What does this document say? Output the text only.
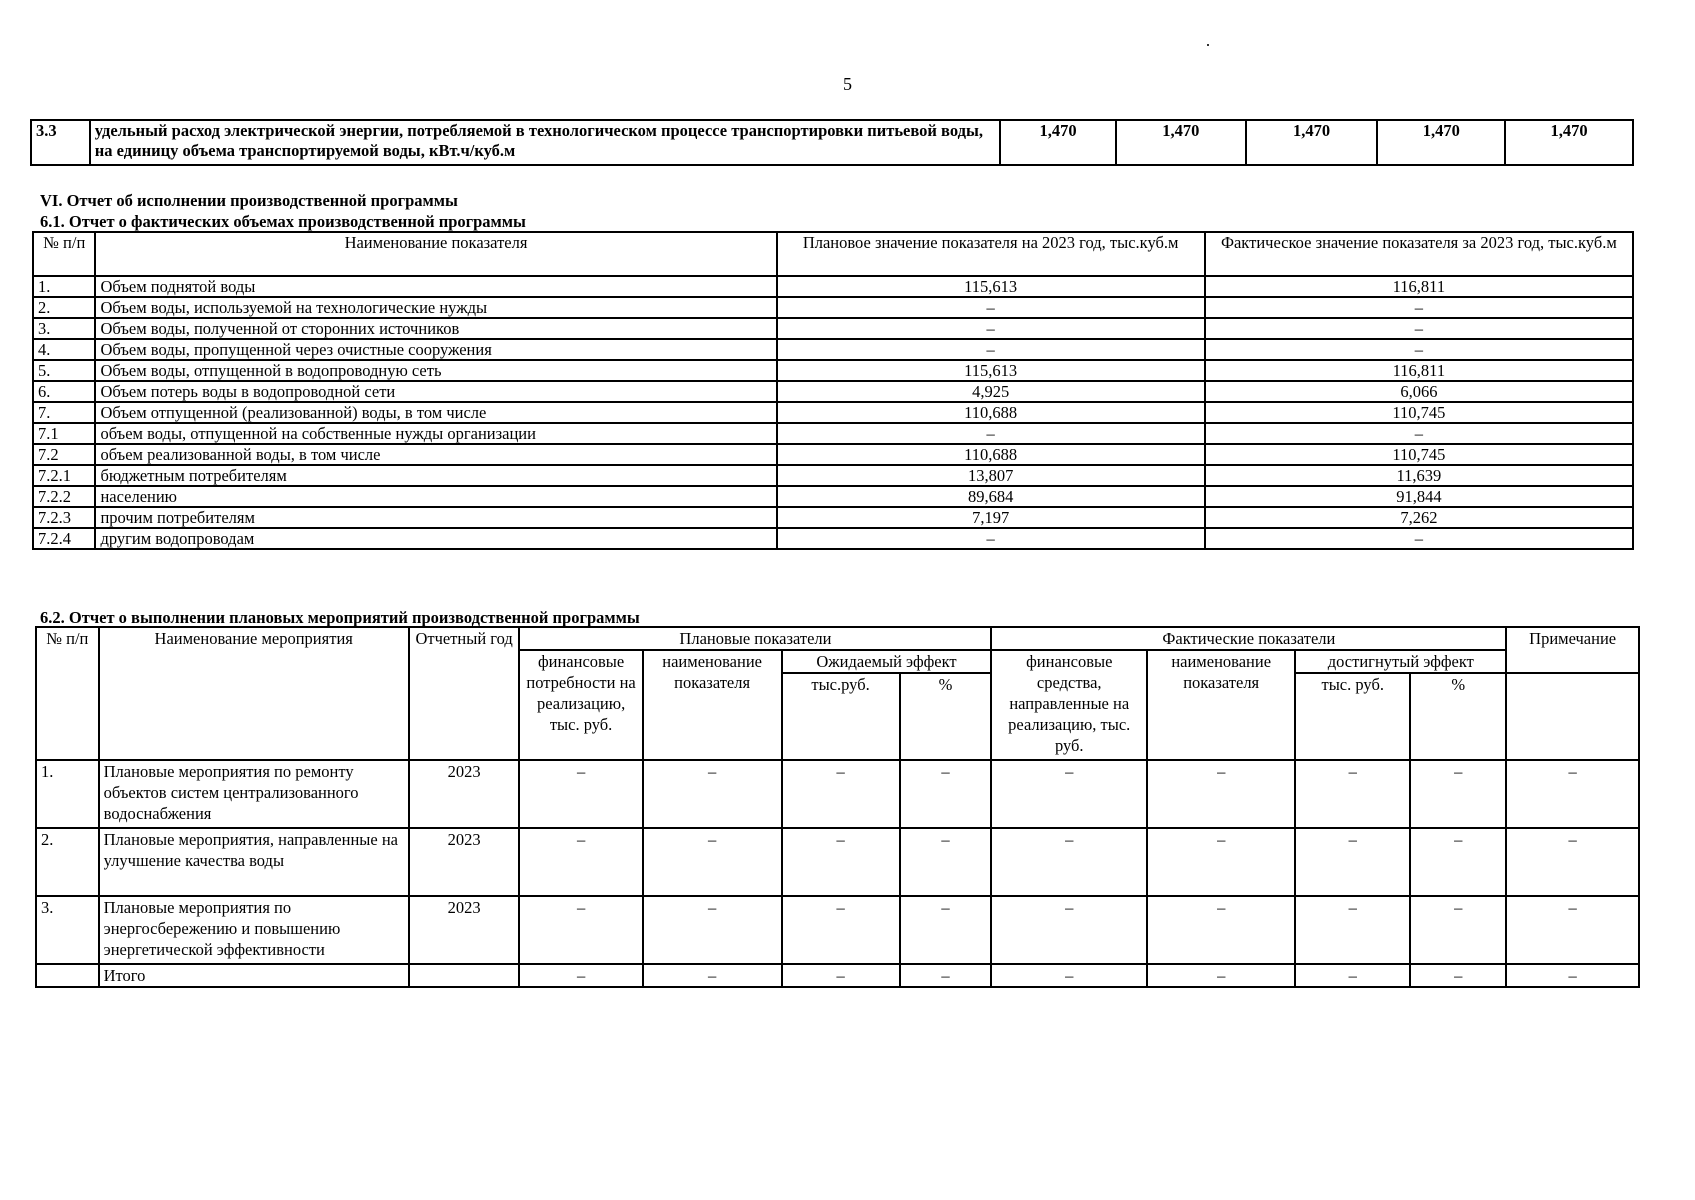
5
3.3	удельный расход электрической энергии, потребляемой в технологическом процессе транспортировки питьевой воды, на единицу объема транспортируемой воды, кВт.ч/куб.м	1,470	1,470	1,470	1,470	1,470
VI. Отчет об исполнении производственной программы
6.1. Отчет о фактических объемах производственной программы
№ п/п	Наименование показателя	Плановое значение показателя на 2023 год, тыс.куб.м	Фактическое значение показателя за 2023 год, тыс.куб.м
1.	Объем поднятой воды	115,613	116,811
2.	Объем воды, используемой на технологические нужды	–	–
3.	Объем воды, полученной от сторонних источников	–	–
4.	Объем воды, пропущенной через очистные сооружения	–	–
5.	Объем воды, отпущенной в водопроводную сеть	115,613	116,811
6.	Объем потерь воды в водопроводной сети	4,925	6,066
7.	Объем отпущенной (реализованной) воды, в том числе	110,688	110,745
7.1	объем воды, отпущенной на собственные нужды организации	–	–
7.2	объем реализованной воды, в том числе	110,688	110,745
7.2.1	бюджетным потребителям	13,807	11,639
7.2.2	населению	89,684	91,844
7.2.3	прочим потребителям	7,197	7,262
7.2.4	другим водопроводам	–	–
6.2. Отчет о выполнении плановых мероприятий производственной программы
№ п/п	Наименование мероприятия	Отчетный год	Плановые показатели				Фактические показатели				Примечание
			финансовые потребности на реализацию, тыс. руб.	наименование показателя	Ожидаемый эффект		финансовые средства, направленные на реализацию, тыс. руб.	наименование показателя	достигнутый эффект		
					тыс.руб.	%			тыс. руб.	%	
1.	Плановые мероприятия по ремонту объектов систем централизованного водоснабжения	2023	–	–	–	–	–	–	–	–	–
2.	Плановые мероприятия, направленные на улучшение качества воды	2023	–	–	–	–	–	–	–	–	–
3.	Плановые мероприятия по энергосбережению и повышению энергетической эффективности	2023	–	–	–	–	–	–	–	–	–
	Итого		–	–	–	–	–	–	–	–	–
